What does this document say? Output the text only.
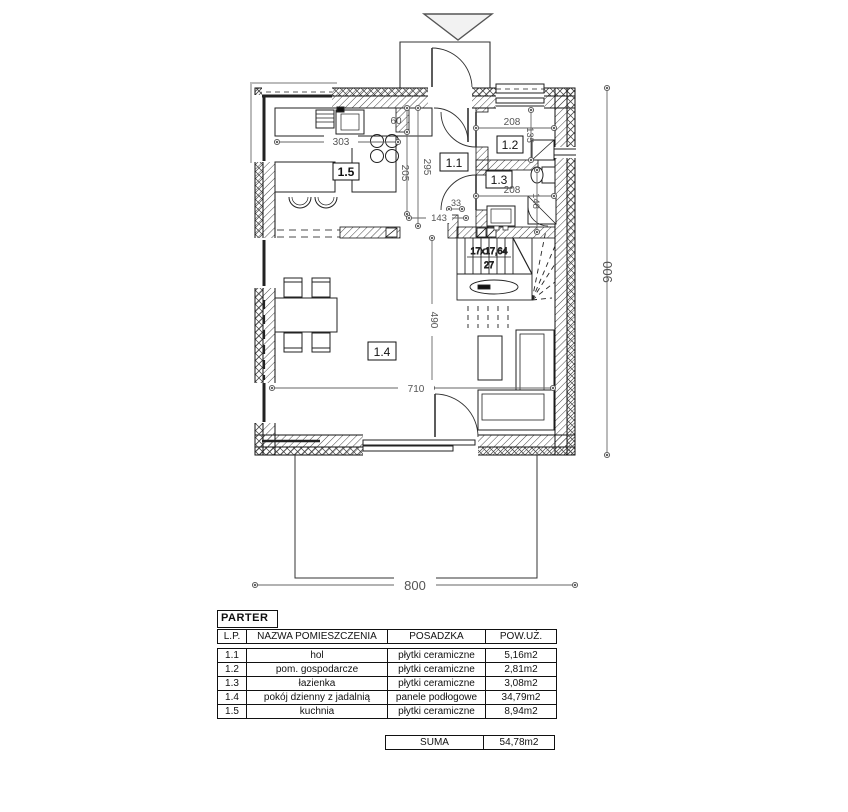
17x17,64
27
1.5
1.1
1.2
1.3
1.4
900
800
303
60
205 295
33
143
208
135
208
148
490
710
PARTER
L.P.	NAZWA POMIESZCZENIA	POSADZKA	POW.UŻ.
1.1	hol	płytki ceramiczne	5,16m2
1.2	pom. gospodarcze	płytki ceramiczne	2,81m2
1.3	łazienka	płytki ceramiczne	3,08m2
1.4	pokój dzienny z jadalnią	panele podłogowe	34,79m2
1.5	kuchnia	płytki ceramiczne	8,94m2
SUMA	54,78m2
